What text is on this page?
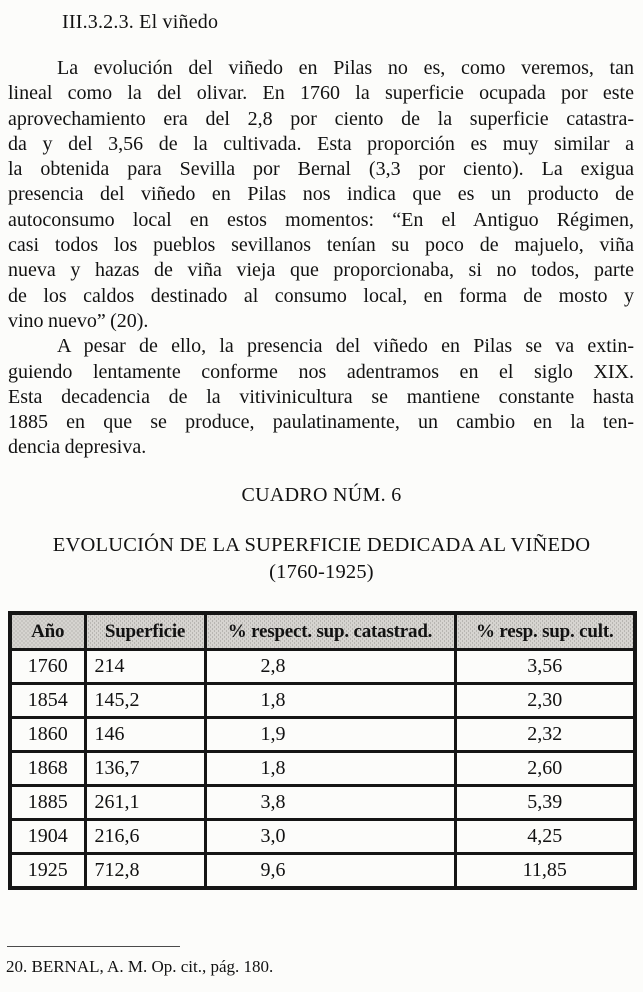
III.3.2.3. El viñedo
La evolución del viñedo en Pilas no es, como veremos, tan
lineal como la del olivar. En 1760 la superficie ocupada por este
aprovechamiento era del 2,8 por ciento de la superficie catastra-
da y del 3,56 de la cultivada. Esta proporción es muy similar a
la obtenida para Sevilla por Bernal (3,3 por ciento). La exigua
presencia del viñedo en Pilas nos indica que es un producto de
autoconsumo local en estos momentos: “En el Antiguo Régimen,
casi todos los pueblos sevillanos tenían su poco de majuelo, viña
nueva y hazas de viña vieja que proporcionaba, si no todos, parte
de los caldos destinado al consumo local, en forma de mosto y
vino nuevo” (20).
A pesar de ello, la presencia del viñedo en Pilas se va extin-
guiendo lentamente conforme nos adentramos en el siglo XIX.
Esta decadencia de la vitivinicultura se mantiene constante hasta
1885 en que se produce, paulatinamente, un cambio en la ten-
dencia depresiva.
CUADRO NÚM. 6
EVOLUCIÓN DE LA SUPERFICIE DEDICADA AL VIÑEDO
(1760-1925)
Año	Superficie	% respect. sup. catastrad.	% resp. sup. cult.
1760	214	2,8	3,56
1854	145,2	1,8	2,30
1860	146	1,9	2,32
1868	136,7	1,8	2,60
1885	261,1	3,8	5,39
1904	216,6	3,0	4,25
1925	712,8	9,6	11,85
20. BERNAL, A. M. Op. cit., pág. 180.
